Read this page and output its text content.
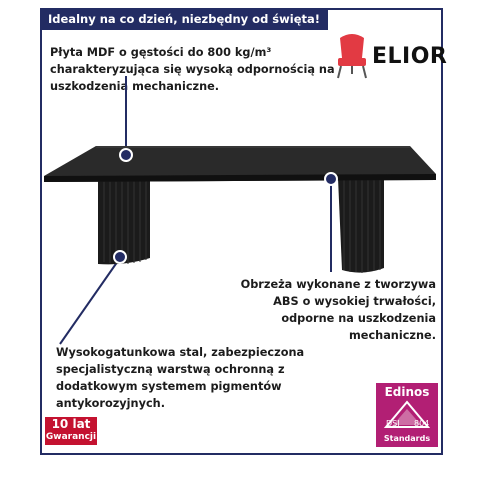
Idealny na co dzień, niezbędny od święta!
Płyta MDF o gęstości do 800 kg/m³ charakteryzująca się wysoką odpornością na uszkodzenia mechaniczne.
Obrzeża wykonane z tworzywa ABS o wysokiej trwałości, odporne na uszkodzenia mechaniczne.
Wysokogatunkowa stal, zabezpieczona specjalistyczną warstwą ochronną z dodatkowym systemem pigmentów antykorozyjnych.
ELIOR
10 lat
Gwarancji
Edinos
DSI 804
Standards
